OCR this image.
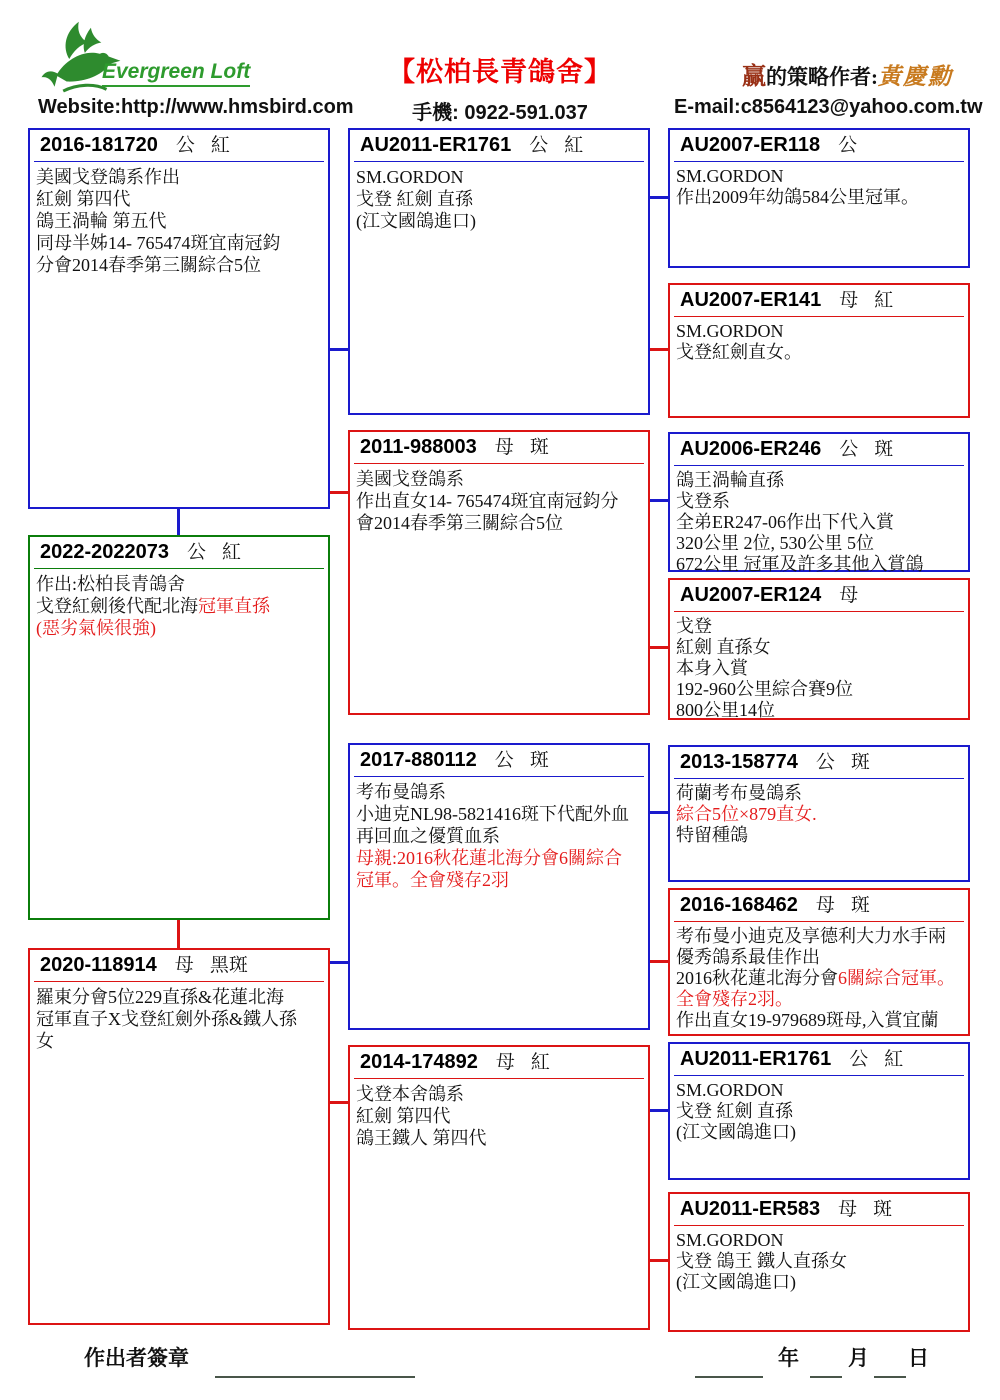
Evergreen Loft
Website:http://www.hmsbird.com
【松柏長青鴿舍】
手機: 0922-591.037
赢的策略作者:黃慶勳
E-mail:c8564123@yahoo.com.tw
2016-181720 公 紅
美國戈登鴿系作出
紅劍 第四代
鴿王渦輪 第五代
同母半姊14- 765474斑宜南冠鈞
分會2014春季第三關綜合5位
2022-2022073 公 紅
作出:松柏長青鴿舍
戈登紅劍後代配北海冠軍直孫
(惡劣氣候很強)
2020-118914 母 黑斑
羅東分會5位229直孫&花蓮北海
冠軍直子X戈登紅劍外孫&鐵人孫
女
AU2011-ER1761 公 紅
SM.GORDON
戈登 紅劍 直孫
(江文國鴿進口)
2011-988003 母 斑
美國戈登鴿系
作出直女14- 765474斑宜南冠鈞分
會2014春季第三關綜合5位
2017-880112 公 斑
考布曼鴿系
小迪克NL98-5821416斑下代配外血
再回血之優質血系
母親:2016秋花蓮北海分會6關綜合
冠軍。全會殘存2羽
2014-174892 母 紅
戈登本舍鴿系
紅劍 第四代
鴿王鐵人 第四代
AU2007-ER118 公
SM.GORDON
作出2009年幼鴿584公里冠軍。
AU2007-ER141 母 紅
SM.GORDON
戈登紅劍直女。
AU2006-ER246 公 斑
鴿王渦輪直孫
戈登系
全弟ER247-06作出下代入賞
320公里 2位, 530公里 5位
672公里 冠軍及許多其他入賞鴿
AU2007-ER124 母
戈登
紅劍 直孫女
本身入賞
192-960公里綜合賽9位
800公里14位
2013-158774 公 斑
荷蘭考布曼鴿系
綜合5位×879直女.
特留種鴿
2016-168462 母 斑
考布曼小迪克及享德利大力水手兩
優秀鴿系最佳作出
2016秋花蓮北海分會6關綜合冠軍。
全會殘存2羽。
作出直女19-979689斑母,入賞宜蘭
AU2011-ER1761 公 紅
SM.GORDON
戈登 紅劍 直孫
(江文國鴿進口)
AU2011-ER583 母 斑
SM.GORDON
戈登 鴿王 鐵人直孫女
(江文國鴿進口)
作出者簽章	年 月 日
